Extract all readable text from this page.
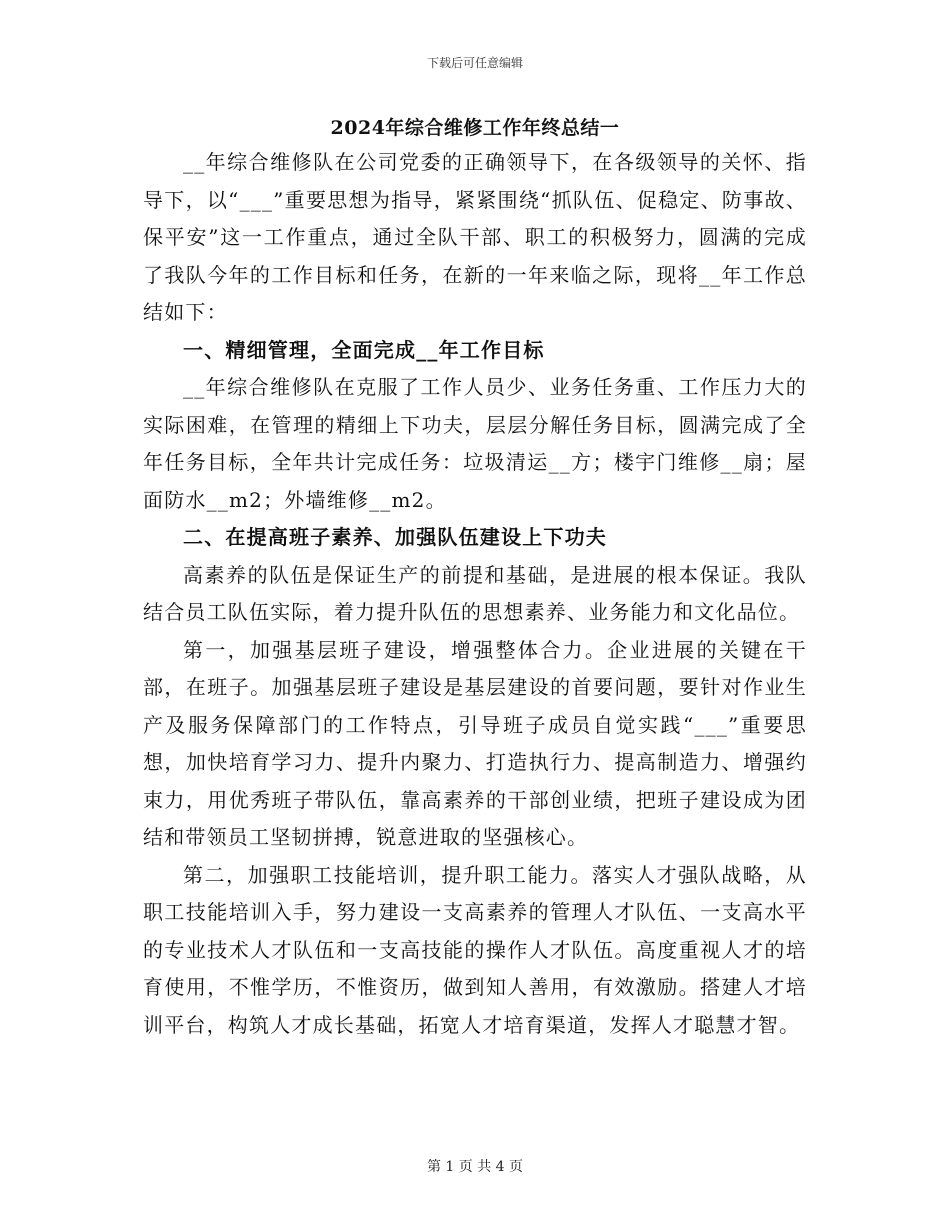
下载后可任意编辑
2024年综合维修工作年终总结一

__年综合维修队在公司党委的正确领导下，在各级领导的关怀、指导下，以“___”重要思想为指导，紧紧围绕“抓队伍、促稳定、防事故、保平安”这一工作重点，通过全队干部、职工的积极努力，圆满的完成了我队今年的工作目标和任务，在新的一年来临之际，现将__年工作总结如下：

一、精细管理，全面完成__年工作目标

__年综合维修队在克服了工作人员少、业务任务重、工作压力大的实际困难，在管理的精细上下功夫，层层分解任务目标，圆满完成了全年任务目标，全年共计完成任务：垃圾清运__方；楼宇门维修__扇；屋面防水__m2；外墙维修__m2。

二、在提高班子素养、加强队伍建设上下功夫

高素养的队伍是保证生产的前提和基础，是进展的根本保证。我队结合员工队伍实际，着力提升队伍的思想素养、业务能力和文化品位。

第一，加强基层班子建设，增强整体合力。企业进展的关键在干部，在班子。加强基层班子建设是基层建设的首要问题，要针对作业生产及服务保障部门的工作特点，引导班子成员自觉实践“___”重要思想，加快培育学习力、提升内聚力、打造执行力、提高制造力、增强约束力，用优秀班子带队伍，靠高素养的干部创业绩，把班子建设成为团结和带领员工坚韧拼搏，锐意进取的坚强核心。

第二，加强职工技能培训，提升职工能力。落实人才强队战略，从职工技能培训入手，努力建设一支高素养的管理人才队伍、一支高水平的专业技术人才队伍和一支高技能的操作人才队伍。高度重视人才的培育使用，不惟学历，不惟资历，做到知人善用，有效激励。搭建人才培训平台，构筑人才成长基础，拓宽人才培育渠道，发挥人才聪慧才智。

第 1 页 共 4 页
